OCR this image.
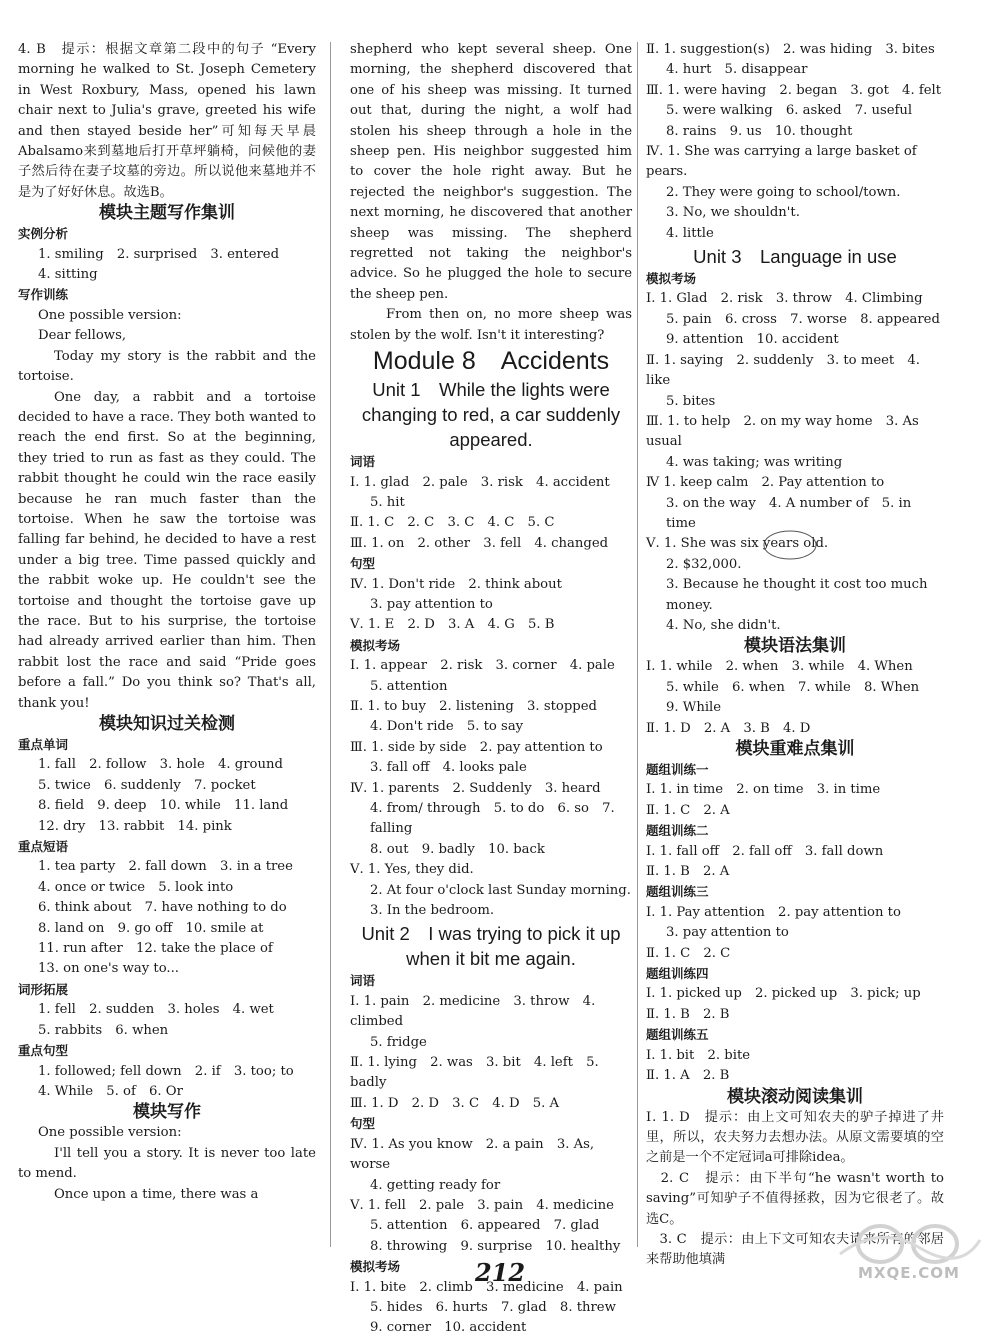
4. B　提示：根据文章第二段中的句子 “Every morning he walked to St. Joseph Cemetery in West Roxbury, Mass, opened his lawn chair next to Julia's grave, greeted his wife and then stayed beside her”可知每天早晨Abalsamo来到墓地后打开草坪躺椅，问候他的妻子然后待在妻子坟墓的旁边。所以说他来墓地并不是为了好好休息。故选B。

模块主题写作集训

实例分析

1. smiling　2. surprised　3. entered

4. sitting

写作训练

One possible version:

Dear fellows,

Today my story is the rabbit and the tortoise.

One day, a rabbit and a tortoise decided to have a race. They both wanted to reach the end first. So at the beginning, they tried to run as fast as they could. The rabbit thought he could win the race easily because he ran much faster than the tortoise. When he saw the tortoise was falling far behind, he decided to have a rest under a big tree. Time passed quickly and the rabbit woke up. He couldn't see the tortoise and thought the tortoise gave up the race. But to his surprise, the tortoise had already arrived earlier than him. Then rabbit lost the race and said “Pride goes before a fall.” Do you think so? That's all, thank you!

模块知识过关检测

重点单词

1. fall　2. follow　3. hole　4. ground

5. twice　6. suddenly　7. pocket

8. field　9. deep　10. while　11. land

12. dry　13. rabbit　14. pink

重点短语

1. tea party　2. fall down　3. in a tree

4. once or twice　5. look into

6. think about　7. have nothing to do

8. land on　9. go off　10. smile at

11. run after　12. take the place of

13. on one's way to...

词形拓展

1. fell　2. sudden　3. holes　4. wet

5. rabbits　6. when

重点句型

1. followed; fell down　2. if　3. too; to

4. While　5. of　6. Or

模块写作

One possible version:

I'll tell you a story. It is never too late to mend.

Once upon a time, there was a

shepherd who kept several sheep. One morning, the shepherd discovered that one of his sheep was missing. It turned out that, during the night, a wolf had stolen his sheep through a hole in the sheep pen. His neighbor suggested him to cover the hole right away. But he rejected the neighbor's suggestion. The next morning, he discovered that another sheep was missing. The shepherd regretted not taking the neighbor's advice. So he plugged the hole to secure the sheep pen.

From then on, no more sheep was stolen by the wolf. Isn't it interesting?

Module 8　Accidents

Unit 1　While the lights were changing to red, a car suddenly appeared.

词语

Ⅰ. 1. glad　2. pale　3. risk　4. accident

5. hit

Ⅱ. 1. C　2. C　3. C　4. C　5. C

Ⅲ. 1. on　2. other　3. fell　4. changed

句型

Ⅳ. 1. Don't ride　2. think about

3. pay attention to

Ⅴ. 1. E　2. D　3. A　4. G　5. B

模拟考场

Ⅰ. 1. appear　2. risk　3. corner　4. pale

5. attention

Ⅱ. 1. to buy　2. listening　3. stopped

4. Don't ride　5. to say

Ⅲ. 1. side by side　2. pay attention to

3. fall off　4. looks pale

Ⅳ. 1. parents　2. Suddenly　3. heard

4. from/ through　5. to do　6. so　7. falling

8. out　9. badly　10. back

Ⅴ. 1. Yes, they did.

2. At four o'clock last Sunday morning.

3. In the bedroom.

Unit 2　I was trying to pick it up when it bit me again.

词语

Ⅰ. 1. pain　2. medicine　3. throw　4. climbed

5. fridge

Ⅱ. 1. lying　2. was　3. bit　4. left　5. badly

Ⅲ. 1. D　2. D　3. C　4. D　5. A

句型

Ⅳ. 1. As you know　2. a pain　3. As, worse

4. getting ready for

Ⅴ. 1. fell　2. pale　3. pain　4. medicine

5. attention　6. appeared　7. glad

8. throwing　9. surprise　10. healthy

模拟考场

Ⅰ. 1. bite　2. climb　3. medicine　4. pain

5. hides　6. hurts　7. glad　8. threw

9. corner　10. accident

Ⅱ. 1. suggestion(s)　2. was hiding　3. bites

4. hurt　5. disappear

Ⅲ. 1. were having　2. began　3. got　4. felt

5. were walking　6. asked　7. useful

8. rains　9. us　10. thought

Ⅳ. 1. She was carrying a large basket of pears.

2. They were going to school/town.

3. No, we shouldn't.

4. little

Unit 3　Language in use

模拟考场

Ⅰ. 1. Glad　2. risk　3. throw　4. Climbing

5. pain　6. cross　7. worse　8. appeared

9. attention　10. accident

Ⅱ. 1. saying　2. suddenly　3. to meet　4. like

5. bites

Ⅲ. 1. to help　2. on my way home　3. As usual

4. was taking; was writing

Ⅳ 1. keep calm　2. Pay attention to

3. on the way　4. A number of　5. in time

Ⅴ. 1. She was six years old.

2. $32,000.

3. Because he thought it cost too much money.

4. No, she didn't.

模块语法集训

Ⅰ. 1. while　2. when　3. while　4. When

5. while　6. when　7. while　8. When

9. While

Ⅱ. 1. D　2. A　3. B　4. D

模块重难点集训

题组训练一

Ⅰ. 1. in time　2. on time　3. in time

Ⅱ. 1. C　2. A

题组训练二

Ⅰ. 1. fall off　2. fall off　3. fall down

Ⅱ. 1. B　2. A

题组训练三

Ⅰ. 1. Pay attention　2. pay attention to

3. pay attention to

Ⅱ. 1. C　2. C

题组训练四

Ⅰ. 1. picked up　2. picked up　3. pick; up

Ⅱ. 1. B　2. B

题组训练五

Ⅰ. 1. bit　2. bite

Ⅱ. 1. A　2. B

模块滚动阅读集训

Ⅰ. 1. D　提示：由上文可知农夫的驴子掉进了井里，所以，农夫努力去想办法。从原文需要填的空之前是一个不定冠词a可排除idea。

　2. C　提示：由下半句“he wasn't worth to saving”可知驴子不值得拯救，因为它很老了。故选C。

　3. C　提示：由上下文可知农夫请来所有的邻居来帮助他填满

212	MXQE.COM
